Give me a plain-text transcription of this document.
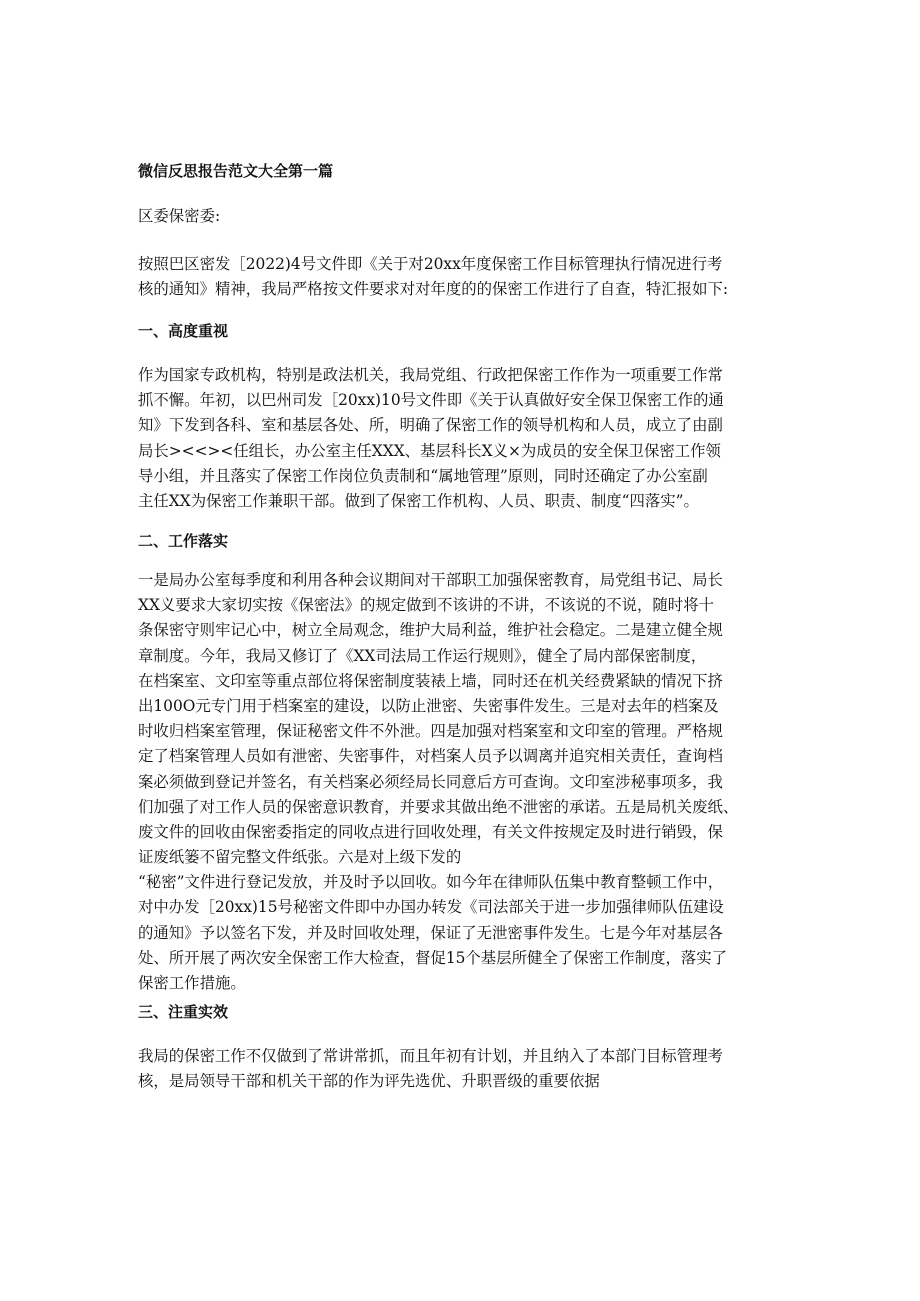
微信反思报告范文大全第一篇

区委保密委:

按照巴区密发［2022)4号文件即《关于对20xx年度保密工作目标管理执行情况进行考
核的通知》精神，我局严格按文件要求对对年度的的保密工作进行了自查，特汇报如下:

一、高度重视

作为国家专政机构，特别是政法机关，我局党组、行政把保密工作作为一项重要工作常
抓不懈。年初，以巴州司发［20xx)10号文件即《关于认真做好安全保卫保密工作的通
知》下发到各科、室和基层各处、所，明确了保密工作的领导机构和人员，成立了由副
局长><<><任组长，办公室主任XXX、基层科长X义×为成员的安全保卫保密工作领
导小组，并且落实了保密工作岗位负责制和“属地管理”原则，同时还确定了办公室副
主任XX为保密工作兼职干部。做到了保密工作机构、人员、职责、制度“四落实”。

二、工作落实

一是局办公室每季度和利用各种会议期间对干部职工加强保密教育，局党组书记、局长
XX义要求大家切实按《保密法》的规定做到不该讲的不讲，不该说的不说，随时将十
条保密守则牢记心中，树立全局观念，维护大局利益，维护社会稳定。二是建立健全规
章制度。今年，我局又修订了《XX司法局工作运行规则》，健全了局内部保密制度，
在档案室、文印室等重点部位将保密制度装裱上墙，同时还在机关经费紧缺的情况下挤
出100O元专门用于档案室的建设，以防止泄密、失密事件发生。三是对去年的档案及
时收归档案室管理，保证秘密文件不外泄。四是加强对档案室和文印室的管理。严格规
定了档案管理人员如有泄密、失密事件，对档案人员予以调离并追究相关责任，查询档
案必须做到登记并签名，有关档案必须经局长同意后方可查询。文印室涉秘事项多，我
们加强了对工作人员的保密意识教育，并要求其做出绝不泄密的承诺。五是局机关废纸、
废文件的回收由保密委指定的同收点进行回收处理，有关文件按规定及时进行销毁，保
证废纸篓不留完整文件纸张。六是对上级下发的
“秘密”文件进行登记发放，并及时予以回收。如今年在律师队伍集中教育整顿工作中，
对中办发［20xx)15号秘密文件即中办国办转发《司法部关于进一步加强律师队伍建设
的通知》予以签名下发，并及时回收处理，保证了无泄密事件发生。七是今年对基层各
处、所开展了两次安全保密工作大检查，督促15个基层所健全了保密工作制度，落实了
保密工作措施。

三、注重实效

我局的保密工作不仅做到了常讲常抓，而且年初有计划，并且纳入了本部门目标管理考
核，是局领导干部和机关干部的作为评先选优、升职晋级的重要依据
